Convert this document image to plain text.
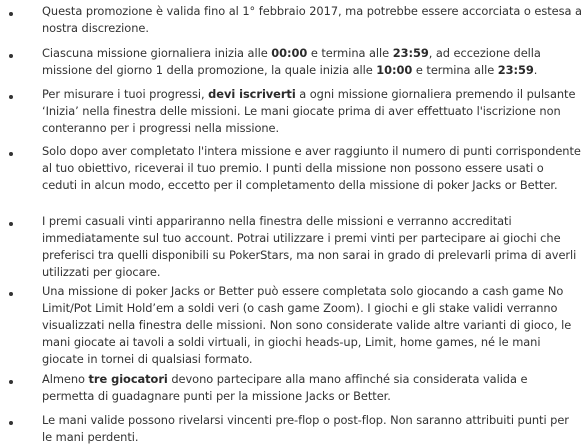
Questa promozione è valida fino al 1° febbraio 2017, ma potrebbe essere accorciata o estesa a nostra discrezione.
Ciascuna missione giornaliera inizia alle 00:00 e termina alle 23:59, ad eccezione della missione del giorno 1 della promozione, la quale inizia alle 10:00 e termina alle 23:59.
Per misurare i tuoi progressi, devi iscriverti a ogni missione giornaliera premendo il pulsante ‘Inizia’ nella finestra delle missioni. Le mani giocate prima di aver effettuato l'iscrizione non conteranno per i progressi nella missione.
Solo dopo aver completato l'intera missione e aver raggiunto il numero di punti corrispondente al tuo obiettivo, riceverai il tuo premio. I punti della missione non possono essere usati o ceduti in alcun modo, eccetto per il completamento della missione di poker Jacks or Better.
I premi casuali vinti appariranno nella finestra delle missioni e verranno accreditati immediatamente sul tuo account. Potrai utilizzare i premi vinti per partecipare ai giochi che preferisci tra quelli disponibili su PokerStars, ma non sarai in grado di prelevarli prima di averli utilizzati per giocare.
Una missione di poker Jacks or Better può essere completata solo giocando a cash game No Limit/Pot Limit Hold’em a soldi veri (o cash game Zoom). I giochi e gli stake validi verranno visualizzati nella finestra delle missioni. Non sono considerate valide altre varianti di gioco, le mani giocate ai tavoli a soldi virtuali, in giochi heads-up, Limit, home games, né le mani giocate in tornei di qualsiasi formato.
Almeno tre giocatori devono partecipare alla mano affinché sia considerata valida e permetta di guadagnare punti per la missione Jacks or Better.
Le mani valide possono rivelarsi vincenti pre-flop o post-flop. Non saranno attribuiti punti per le mani perdenti.
